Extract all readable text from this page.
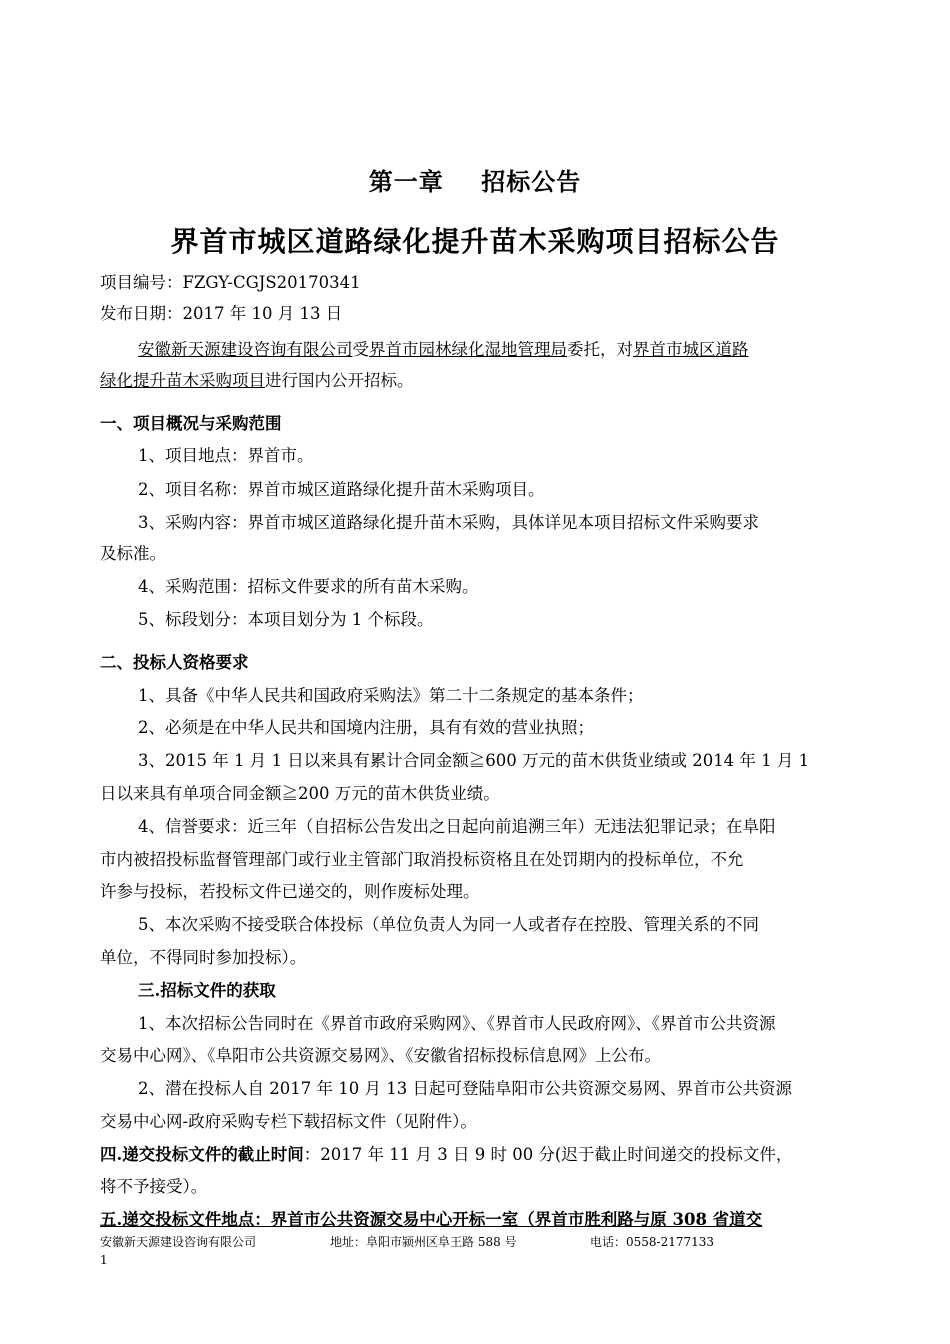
第一章    招标公告
界首市城区道路绿化提升苗木采购项目招标公告
项目编号：FZGY-CGJS20170341
发布日期：2017 年 10 月 13 日
安徽新天源建设咨询有限公司受界首市园林绿化湿地管理局委托，对界首市城区道路
绿化提升苗木采购项目进行国内公开招标。
一、项目概况与采购范围
1、项目地点：界首市。
2、项目名称：界首市城区道路绿化提升苗木采购项目。
3、采购内容：界首市城区道路绿化提升苗木采购，具体详见本项目招标文件采购要求
及标准。
4、采购范围：招标文件要求的所有苗木采购。
5、标段划分：本项目划分为 1 个标段。
二、投标人资格要求
1、具备《中华人民共和国政府采购法》第二十二条规定的基本条件；
2、必须是在中华人民共和国境内注册，具有有效的营业执照；
3、2015 年 1 月 1 日以来具有累计合同金额≧600 万元的苗木供货业绩或 2014 年 1 月 1
日以来具有单项合同金额≧200 万元的苗木供货业绩。
4、信誉要求：近三年（自招标公告发出之日起向前追溯三年）无违法犯罪记录；在阜阳
市内被招投标监督管理部门或行业主管部门取消投标资格且在处罚期内的投标单位，不允
许参与投标，若投标文件已递交的，则作废标处理。
5、本次采购不接受联合体投标（单位负责人为同一人或者存在控股、管理关系的不同
单位，不得同时参加投标）。
三.招标文件的获取
1、本次招标公告同时在《界首市政府采购网》、《界首市人民政府网》、《界首市公共资源
交易中心网》、《阜阳市公共资源交易网》、《安徽省招标投标信息网》上公布。
2、潜在投标人自 2017 年 10 月 13 日起可登陆阜阳市公共资源交易网、界首市公共资源
交易中心网-政府采购专栏下载招标文件（见附件）。
四.递交投标文件的截止时间：2017 年 11 月 3 日 9 时 00 分(迟于截止时间递交的投标文件，
将不予接受）。
五.递交投标文件地点：界首市公共资源交易中心开标一室（界首市胜利路与原 308 省道交
安徽新天源建设咨询有限公司	地址：阜阳市颍州区阜王路 588 号	电话：0558-2177133
1
